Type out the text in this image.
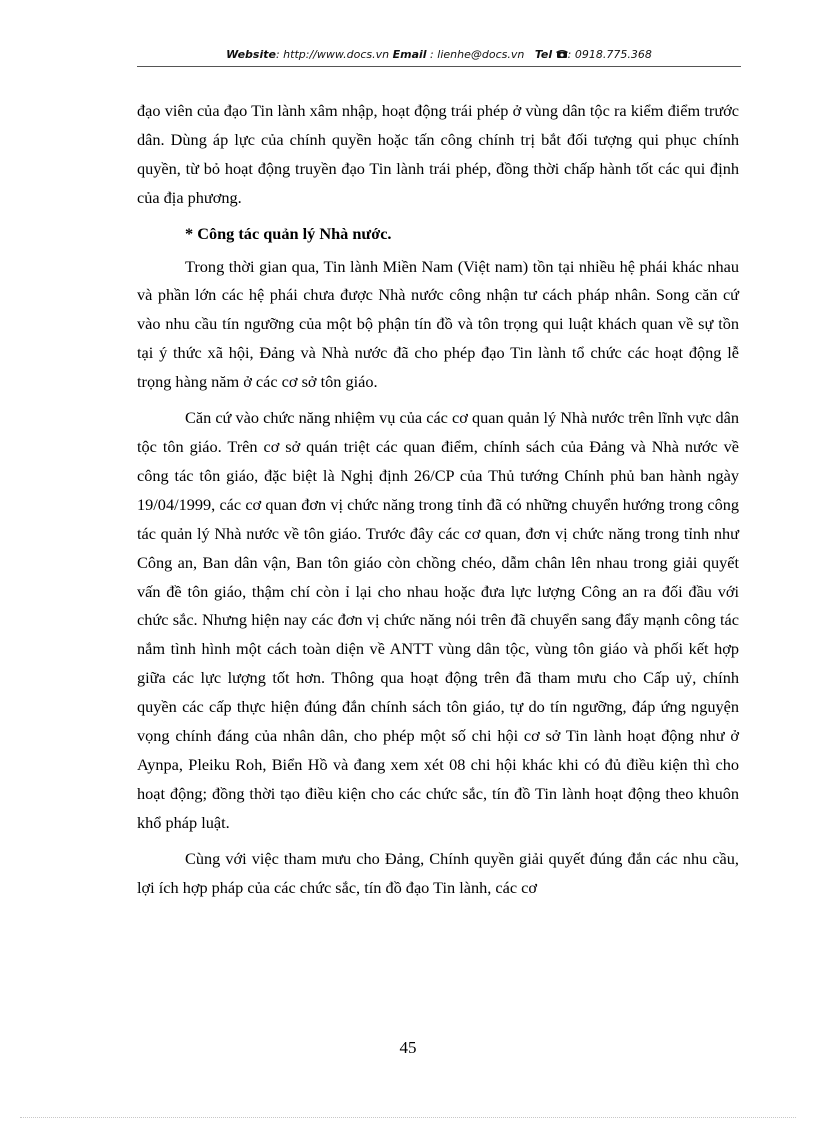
Website: http://www.docs.vn Email : lienhe@docs.vn Tel : 0918.775.368

đạo viên của đạo Tin lành xâm nhập, hoạt động trái phép ở vùng dân tộc ra kiểm điểm trước dân. Dùng áp lực của chính quyền hoặc tấn công chính trị bắt đối tượng qui phục chính quyền, từ bỏ hoạt động truyền đạo Tin lành trái phép, đồng thời chấp hành tốt các qui định của địa phương.

* Công tác quản lý Nhà nước.

Trong thời gian qua, Tin lành Miền Nam (Việt nam) tồn tại nhiều hệ phái khác nhau và phần lớn các hệ phái chưa được Nhà nước công nhận tư cách pháp nhân. Song căn cứ vào nhu cầu tín ngưỡng của một bộ phận tín đồ và tôn trọng qui luật khách quan về sự tồn tại ý thức xã hội, Đảng và Nhà nước đã cho phép đạo Tin lành tổ chức các hoạt động lễ trọng hàng năm ở các cơ sở tôn giáo.

Căn cứ vào chức năng nhiệm vụ của các cơ quan quản lý Nhà nước trên lĩnh vực dân tộc tôn giáo. Trên cơ sở quán triệt các quan điểm, chính sách của Đảng và Nhà nước về công tác tôn giáo, đặc biệt là Nghị định 26/CP của Thủ tướng Chính phủ ban hành ngày 19/04/1999, các cơ quan đơn vị chức năng trong tỉnh đã có những chuyển hướng trong công tác quản lý Nhà nước về tôn giáo. Trước đây các cơ quan, đơn vị chức năng trong tỉnh như Công an, Ban dân vận, Ban tôn giáo còn chồng chéo, dẫm chân lên nhau trong giải quyết vấn đề tôn giáo, thậm chí còn ỉ lại cho nhau hoặc đưa lực lượng Công an ra đối đầu với chức sắc. Nhưng hiện nay các đơn vị chức năng nói trên đã chuyển sang đẩy mạnh công tác nắm tình hình một cách toàn diện về ANTT vùng dân tộc, vùng tôn giáo và phối kết hợp giữa các lực lượng tốt hơn. Thông qua hoạt động trên đã tham mưu cho Cấp uỷ, chính quyền các cấp thực hiện đúng đắn chính sách tôn giáo, tự do tín ngưỡng, đáp ứng nguyện vọng chính đáng của nhân dân, cho phép một số chi hội cơ sở Tin lành hoạt động như ở Aynpa, Pleiku Roh, Biển Hồ và đang xem xét 08 chi hội khác khi có đủ điều kiện thì cho hoạt động; đồng thời tạo điều kiện cho các chức sắc, tín đồ Tin lành hoạt động theo khuôn khổ pháp luật.

Cùng với việc tham mưu cho Đảng, Chính quyền giải quyết đúng đắn các nhu cầu, lợi ích hợp pháp của các chức sắc, tín đồ đạo Tin lành, các cơ

45
